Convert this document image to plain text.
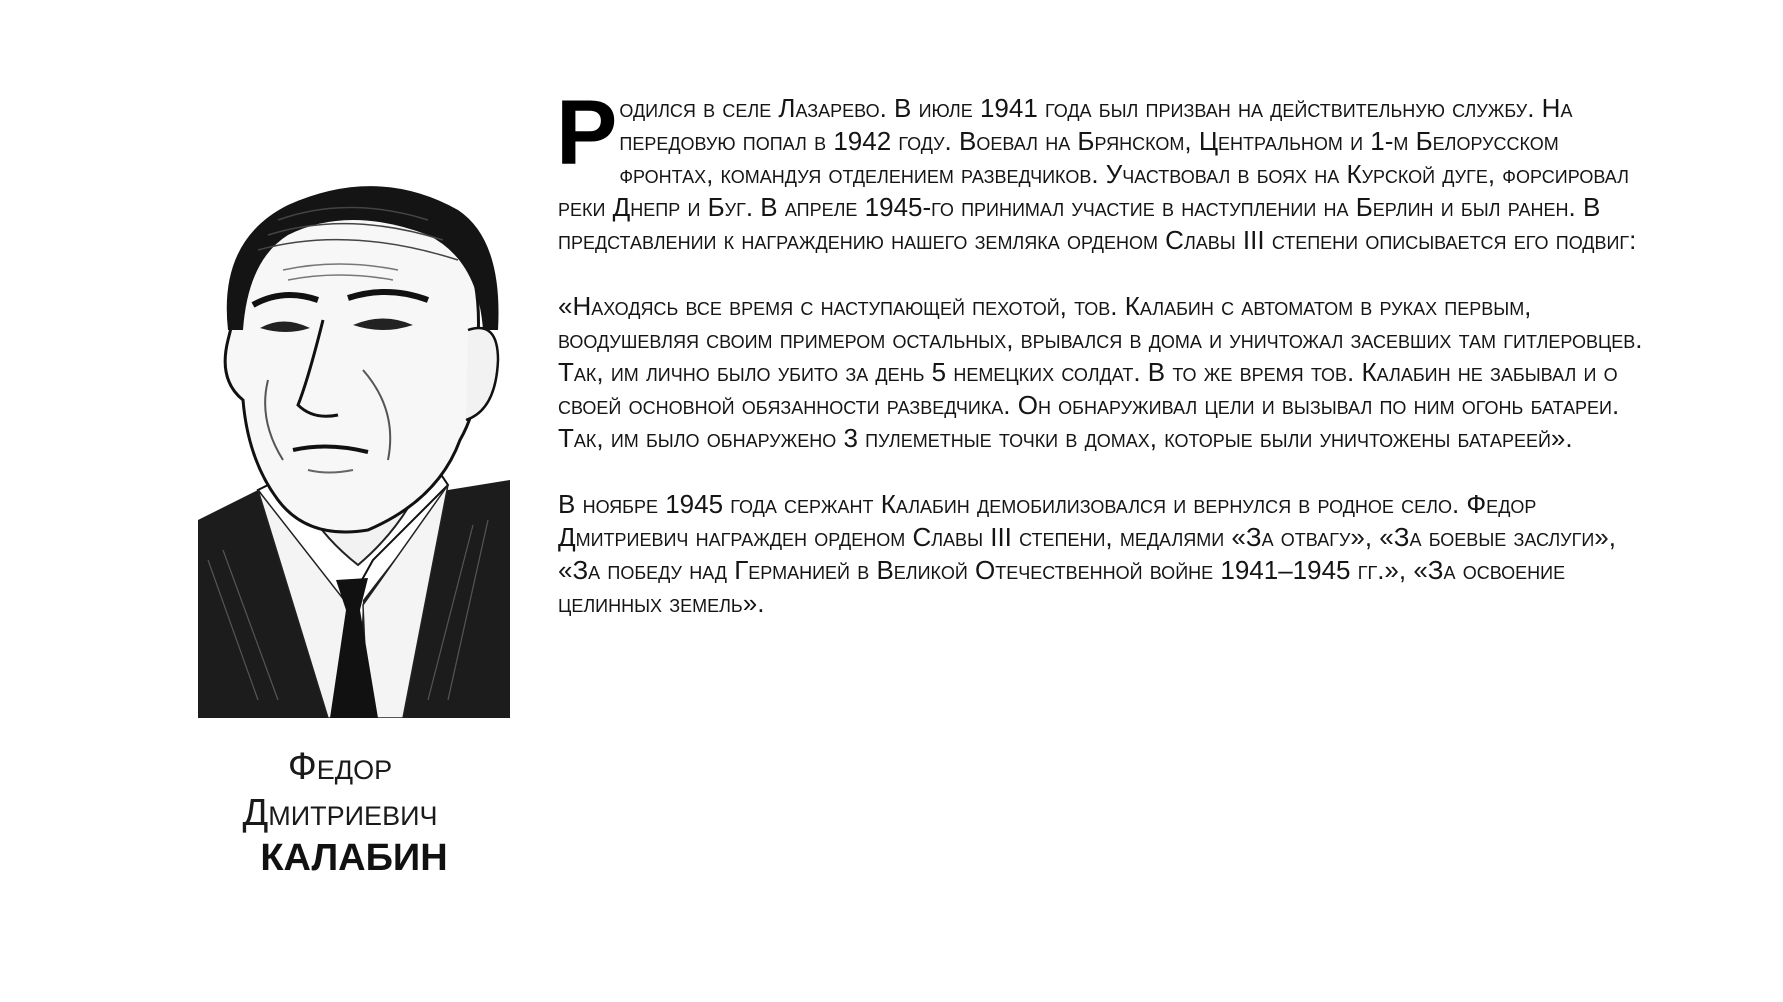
Федор
Дмитриевич
КАЛАБИН

Родился в селе Лазарево. В июле 1941 года был призван на действительную службу. На передовую попал в 1942 году. Воевал на Брянском, Центральном и 1-м Белорусском фронтах, командуя отделением разведчиков. Участвовал в боях на Курской дуге, форсировал реки Днепр и Буг. В апреле 1945-го принимал участие в наступлении на Берлин и был ранен. В представлении к награждению нашего земляка орденом Славы III степени описывается его подвиг:

«Находясь все время с наступающей пехотой, тов. Калабин с автоматом в руках первым, воодушевляя своим примером остальных, врывался в дома и уничтожал засевших там гитлеровцев. Так, им лично было убито за день 5 немецких солдат. В то же время тов. Калабин не забывал и о своей основной обязанности разведчика. Он обнаруживал цели и вызывал по ним огонь батареи. Так, им было обнаружено 3 пулеметные точки в домах, которые были уничтожены батареей».

В ноябре 1945 года сержант Калабин демобилизовался и вернулся в родное село. Федор Дмитриевич награжден орденом Славы III степени, медалями «За отвагу», «За боевые заслуги», «За победу над Германией в Великой Отечественной войне 1941–1945 гг.», «За освоение целинных земель».
